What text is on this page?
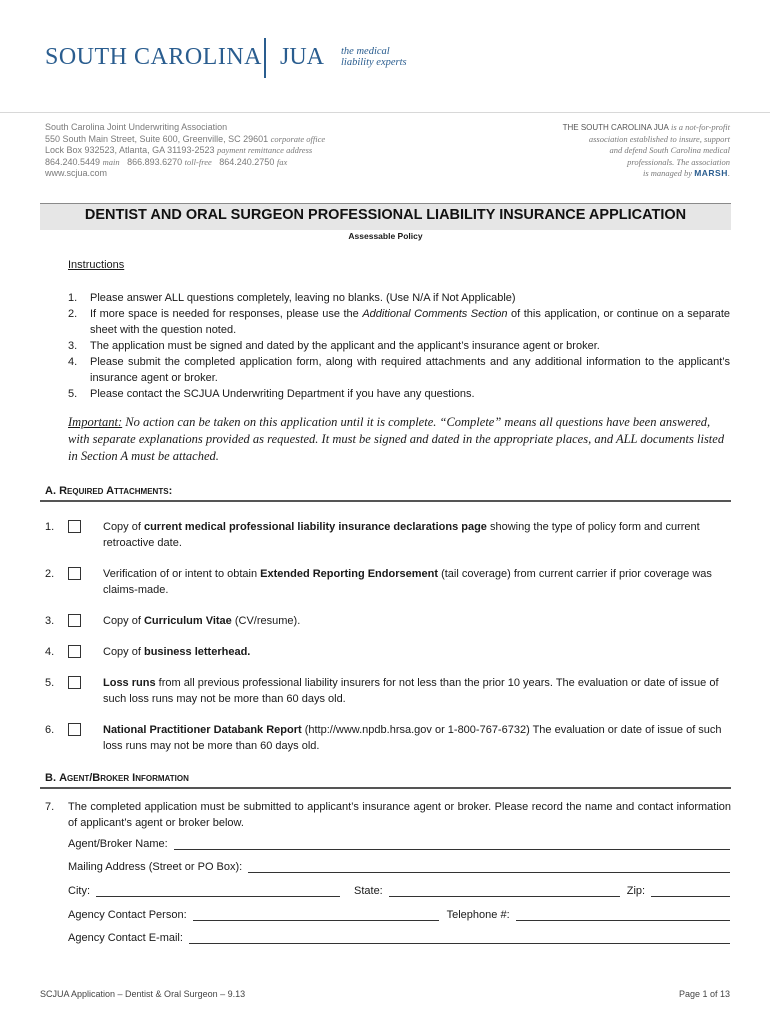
SOUTH CAROLINA JUA the medical
liability experts
South Carolina Joint Underwriting Association
550 South Main Street, Suite 600, Greenville, SC 29601 corporate office
Lock Box 932523, Atlanta, GA 31193-2523 payment remittance address
864.240.5449 main 866.893.6270 toll-free 864.240.2750 fax
www.scjua.com
THE SOUTH CAROLINA JUA is a not-for-profit
association established to insure, support
and defend South Carolina medical
professionals. The association
is managed by MARSH.
DENTIST AND ORAL SURGEON PROFESSIONAL LIABILITY INSURANCE APPLICATION
Assessable Policy
Instructions
1.	Please answer ALL questions completely, leaving no blanks. (Use N/A if Not Applicable)
2.	If more space is needed for responses, please use the Additional Comments Section of this application, or continue on a separate sheet with the question noted.
3.	The application must be signed and dated by the applicant and the applicant’s insurance agent or broker.
4.	Please submit the completed application form, along with required attachments and any additional information to the applicant’s insurance agent or broker.
5.	Please contact the SCJUA Underwriting Department if you have any questions.
Important: No action can be taken on this application until it is complete. “Complete” means all questions have been answered, with separate explanations provided as requested. It must be signed and dated in the appropriate places, and ALL documents listed in Section A must be attached.
A. Required Attachments:
1.	Copy of current medical professional liability insurance declarations page showing the type of policy form and current retroactive date.
2.	Verification of or intent to obtain Extended Reporting Endorsement (tail coverage) from current carrier if prior coverage was claims-made.
3.	Copy of Curriculum Vitae (CV/resume).
4.	Copy of business letterhead.
5.	Loss runs from all previous professional liability insurers for not less than the prior 10 years. The evaluation or date of issue of such loss runs may not be more than 60 days old.
6.	National Practitioner Databank Report (http://www.npdb.hrsa.gov or 1-800-767-6732) The evaluation or date of issue of such loss runs may not be more than 60 days old.
B. Agent/Broker Information
7.	The completed application must be submitted to applicant’s insurance agent or broker. Please record the name and contact information of applicant’s agent or broker below.
Agent/Broker Name:
Mailing Address (Street or PO Box):
City:	State:	Zip:
Agency Contact Person:	Telephone #:
Agency Contact E-mail:
SCJUA Application – Dentist & Oral Surgeon – 9.13	Page 1 of 13
